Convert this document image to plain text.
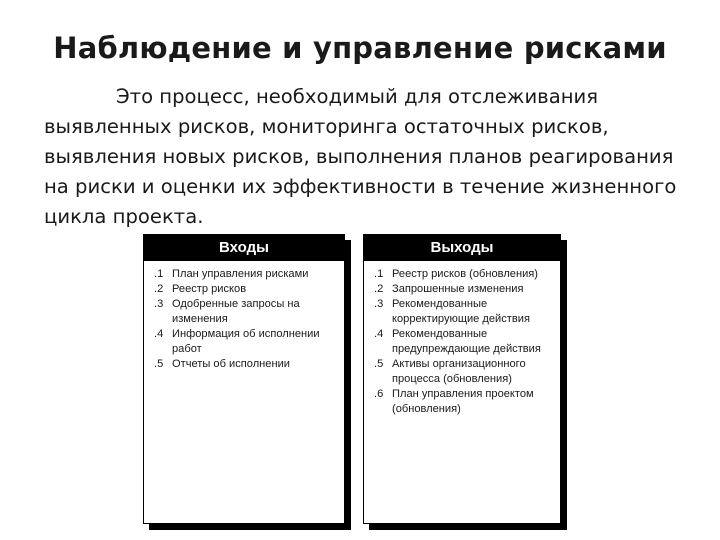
Наблюдение и управление рисками

Это процесс, необходимый для отслеживания выявленных рисков, мониторинга остаточных рисков, выявления новых рисков, выполнения планов реагирования на риски и оценки их эффективности в течение жизненного цикла проекта.

Входы
.1 План управления рисками
.2 Реестр рисков
.3 Одобренные запросы на изменения
.4 Информация об исполнении работ
.5 Отчеты об исполнении
Выходы
.1 Реестр рисков (обновления)
.2 Запрошенные изменения
.3 Рекомендованные корректирующие действия
.4 Рекомендованные предупреждающие действия
.5 Активы организационного процесса (обновления)
.6 План управления проектом (обновления)
